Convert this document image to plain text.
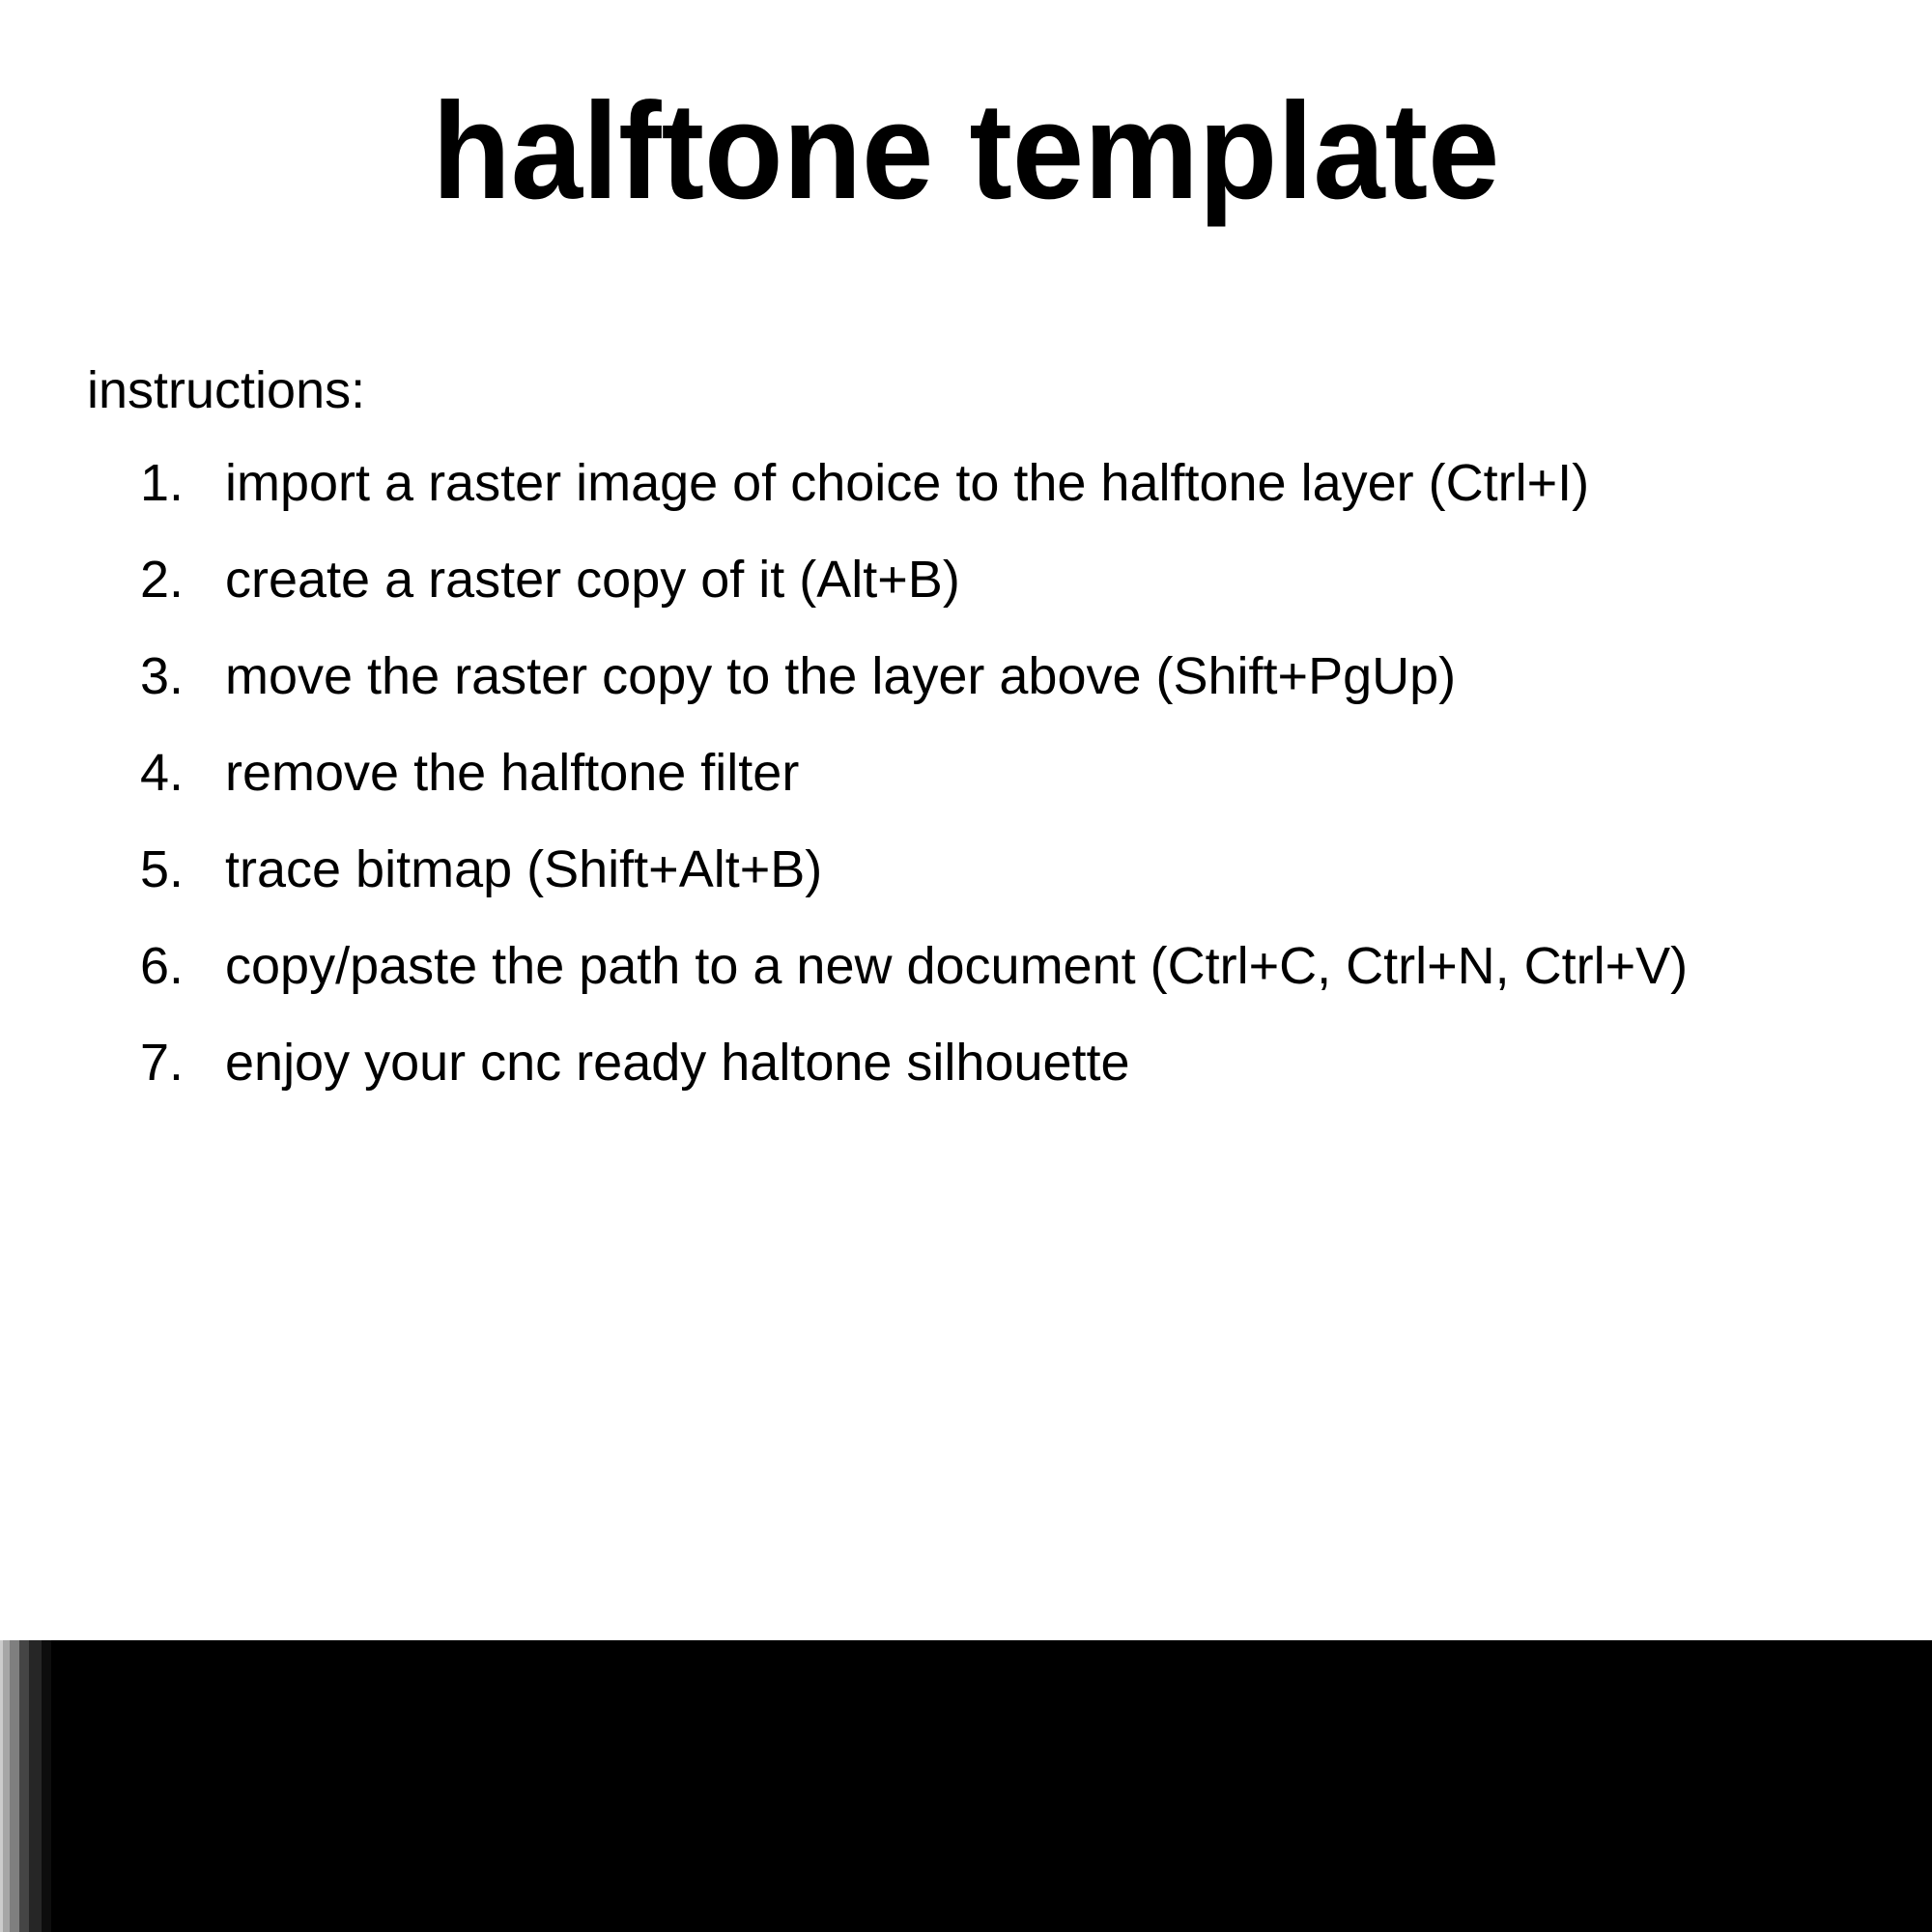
halftone template
instructions:
1. import a raster image of choice to the halftone layer (Ctrl+I)
2. create a raster copy of it (Alt+B)
3. move the raster copy to the layer above (Shift+PgUp)
4. remove the halftone filter
5. trace bitmap (Shift+Alt+B)
6. copy/paste the path to a new document (Ctrl+C, Ctrl+N, Ctrl+V)
7. enjoy your cnc ready haltone silhouette
